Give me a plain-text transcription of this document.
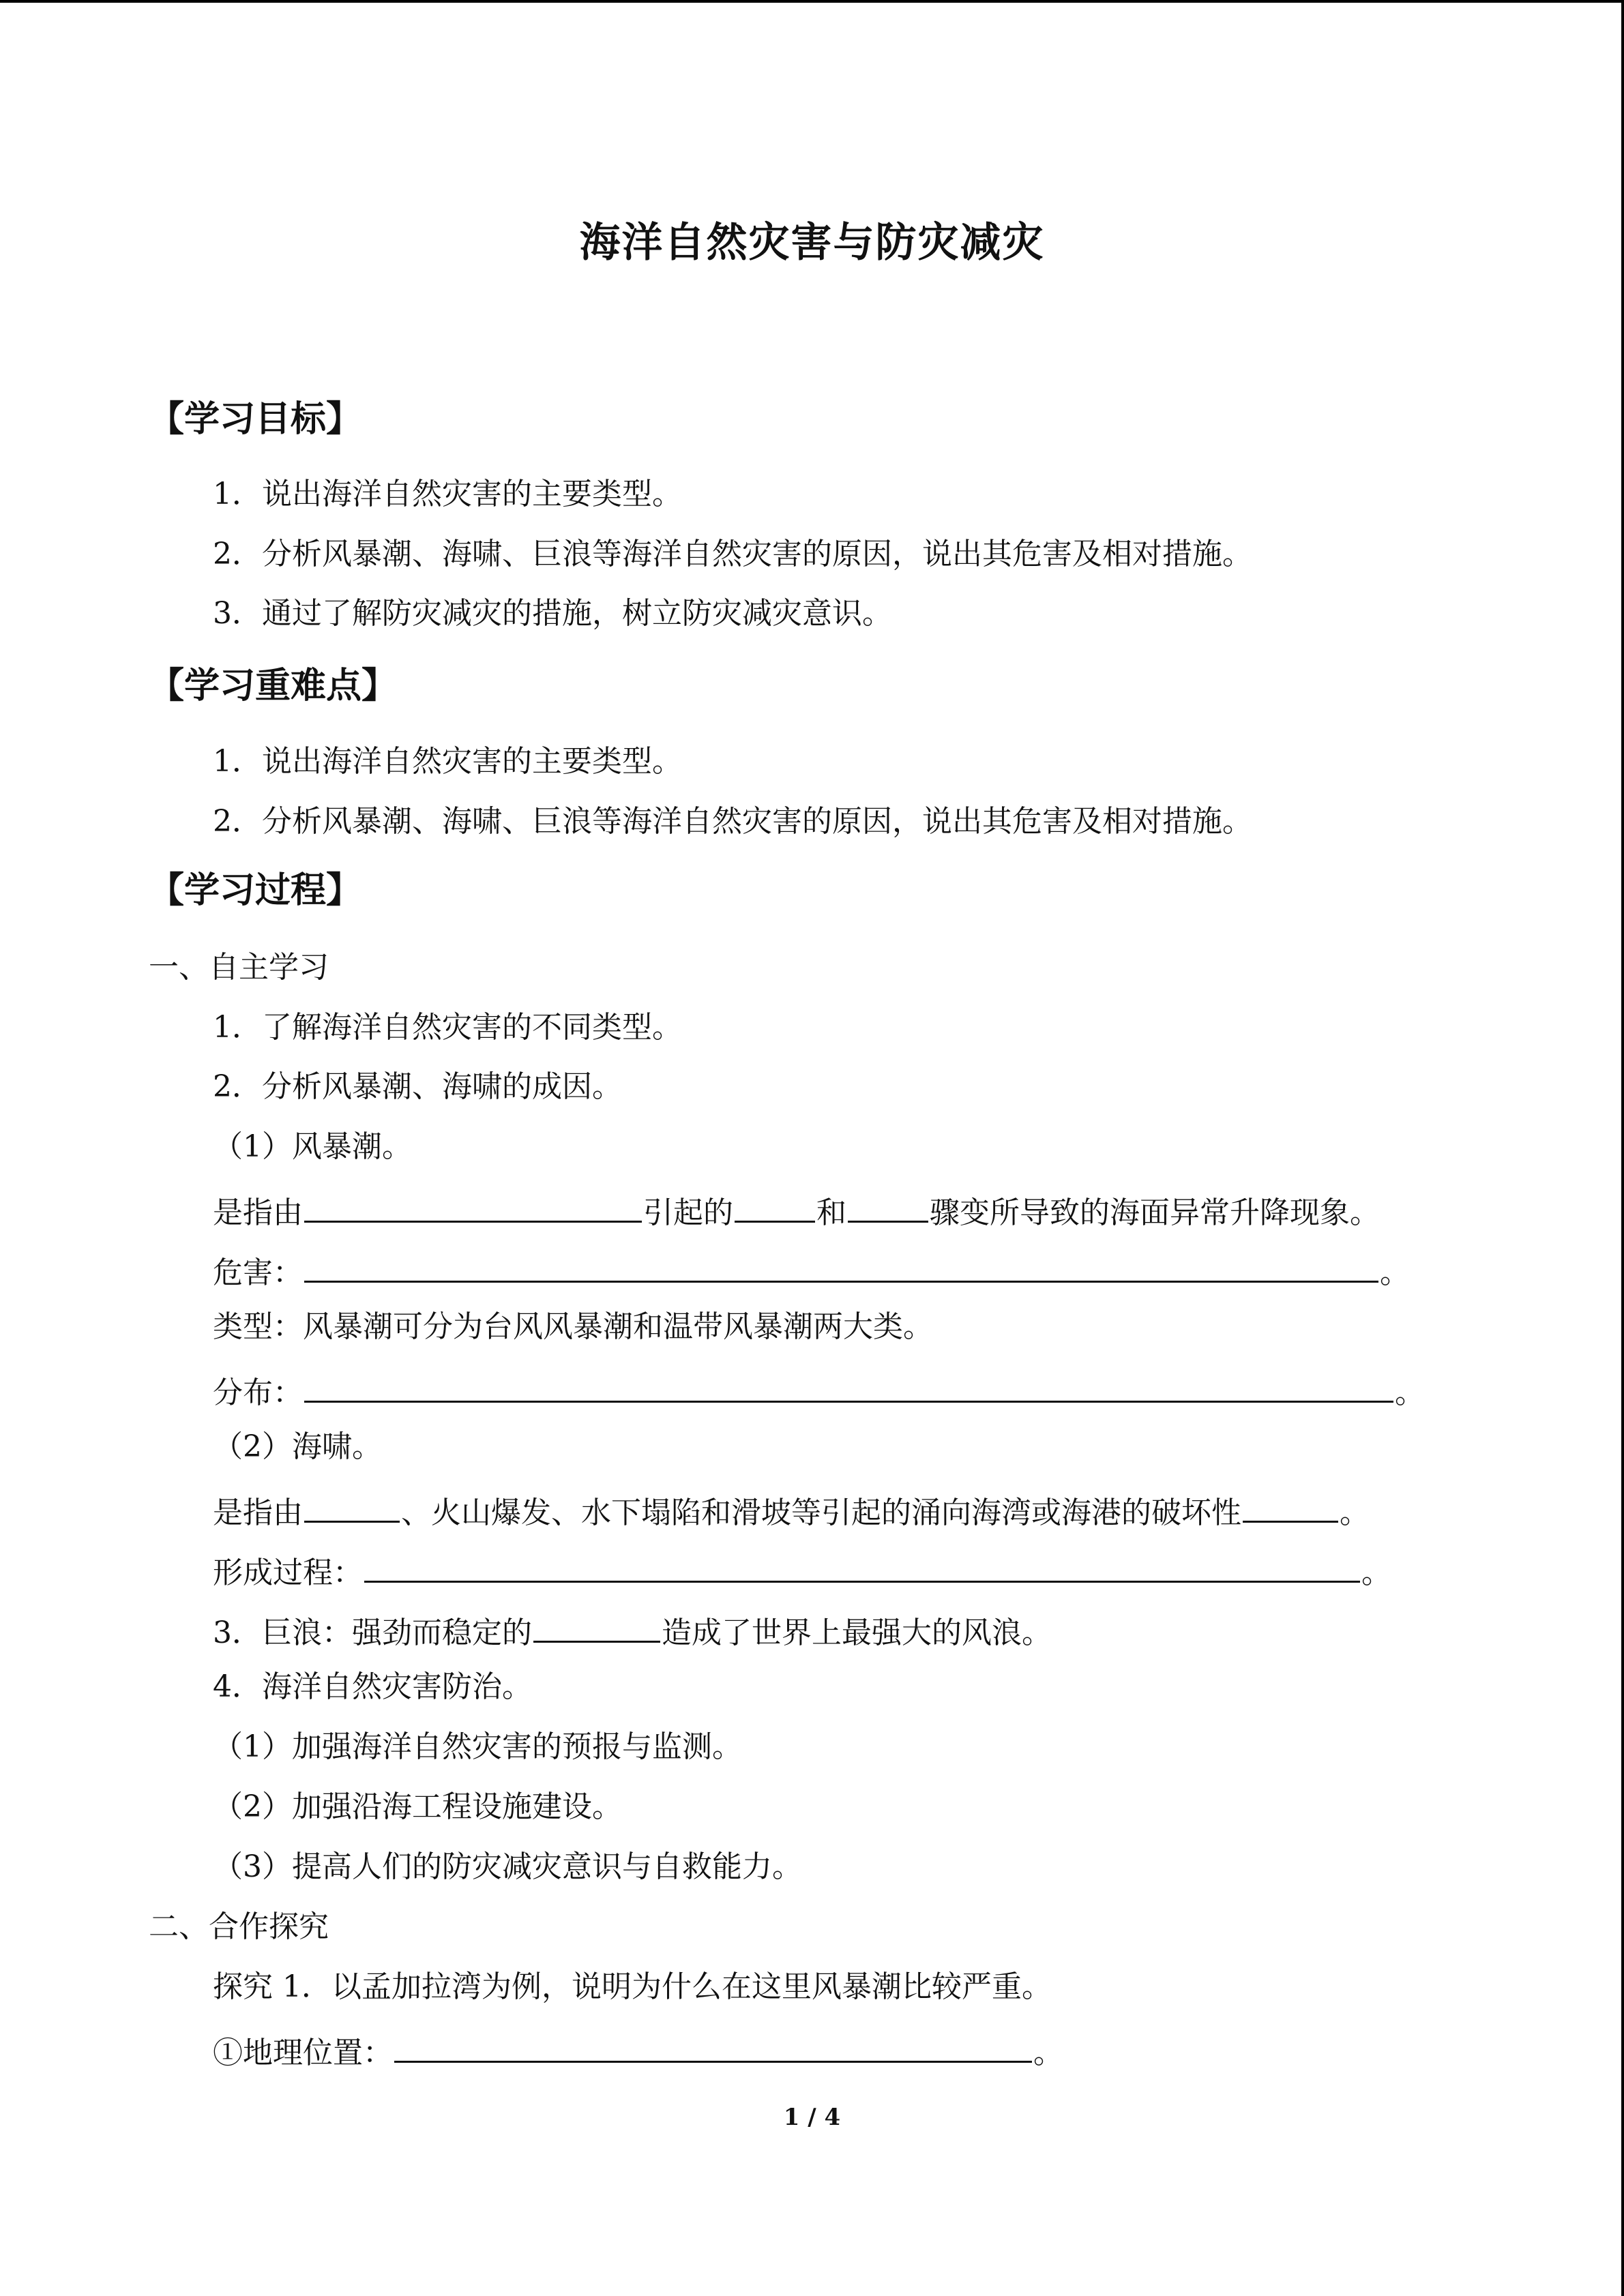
海洋自然灾害与防灾减灾
【学习目标】
1．说出海洋自然灾害的主要类型。
2．分析风暴潮、海啸、巨浪等海洋自然灾害的原因，说出其危害及相对措施。
3．通过了解防灾减灾的措施，树立防灾减灾意识。
【学习重难点】
1．说出海洋自然灾害的主要类型。
2．分析风暴潮、海啸、巨浪等海洋自然灾害的原因，说出其危害及相对措施。
【学习过程】
一、自主学习
1．了解海洋自然灾害的不同类型。
2．分析风暴潮、海啸的成因。
（1）风暴潮。
是指由	引起的	和	骤变所导致的海面异常升降现象。
危害：	。
类型：风暴潮可分为台风风暴潮和温带风暴潮两大类。
分布：	。
（2）海啸。
是指由	、火山爆发、水下塌陷和滑坡等引起的涌向海湾或海港的破坏性	。
形成过程：	。
3．巨浪：强劲而稳定的	造成了世界上最强大的风浪。
4．海洋自然灾害防治。
（1）加强海洋自然灾害的预报与监测。
（2）加强沿海工程设施建设。
（3）提高人们的防灾减灾意识与自救能力。
二、合作探究
探究 1．以孟加拉湾为例，说明为什么在这里风暴潮比较严重。
①地理位置：	。
1 / 4
